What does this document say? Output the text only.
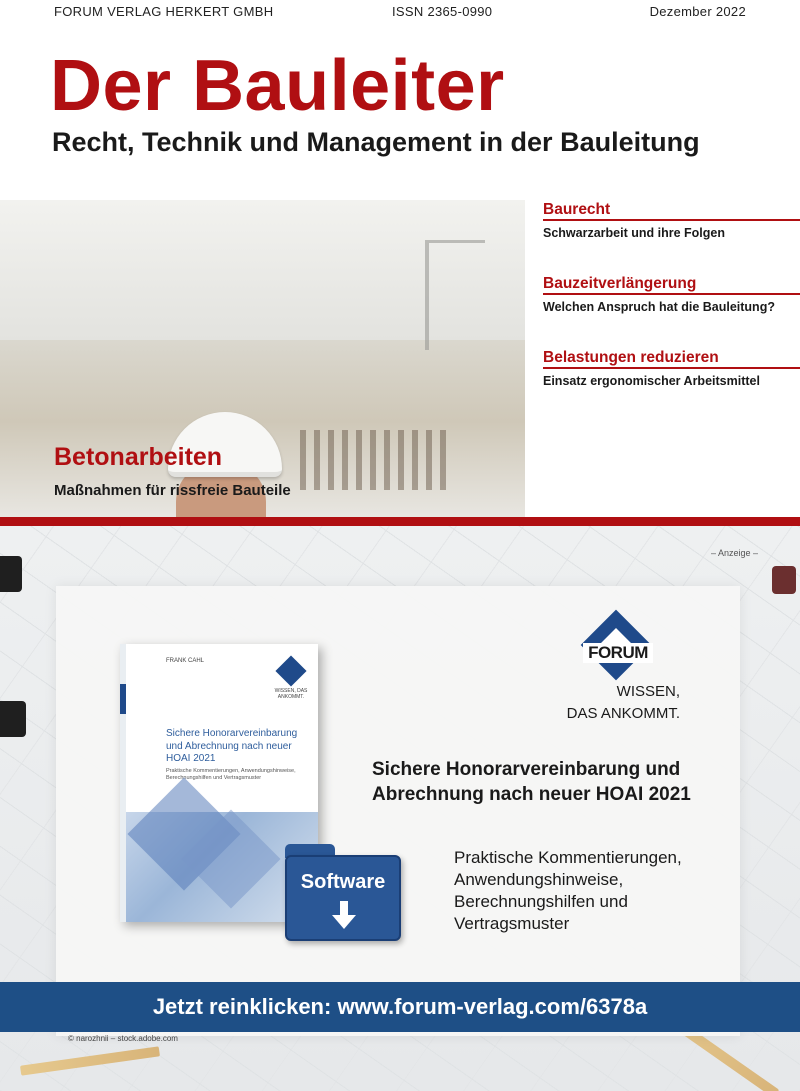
FORUM VERLAG HERKERT GMBH	ISSN 2365-0990	Dezember 2022
Der Bauleiter
Recht, Technik und Management in der Bauleitung
Betonarbeiten
Maßnahmen für rissfreie Bauteile
Baurecht
Schwarzarbeit und ihre Folgen
Bauzeitverlängerung
Welchen Anspruch hat die Bauleitung?
Belastungen reduzieren
Einsatz ergonomischer Arbeitsmittel
– Anzeige –
FRANK CAHL
WISSEN, DAS ANKOMMT.
Sichere Honorarvereinbarung und Abrechnung nach neuer HOAI 2021
Praktische Kommentierungen, Anwendungshinweise, Berechnungshilfen und Vertragsmuster
Software
FORUM
WISSEN,
DAS ANKOMMT.
Sichere Honorarvereinbarung und
Abrechnung nach neuer HOAI 2021
Praktische Kommentierungen,
Anwendungshinweise,
Berechnungshilfen und
Vertragsmuster
Jetzt reinklicken: www.forum-verlag.com/6378a
© narozhnii – stock.adobe.com
